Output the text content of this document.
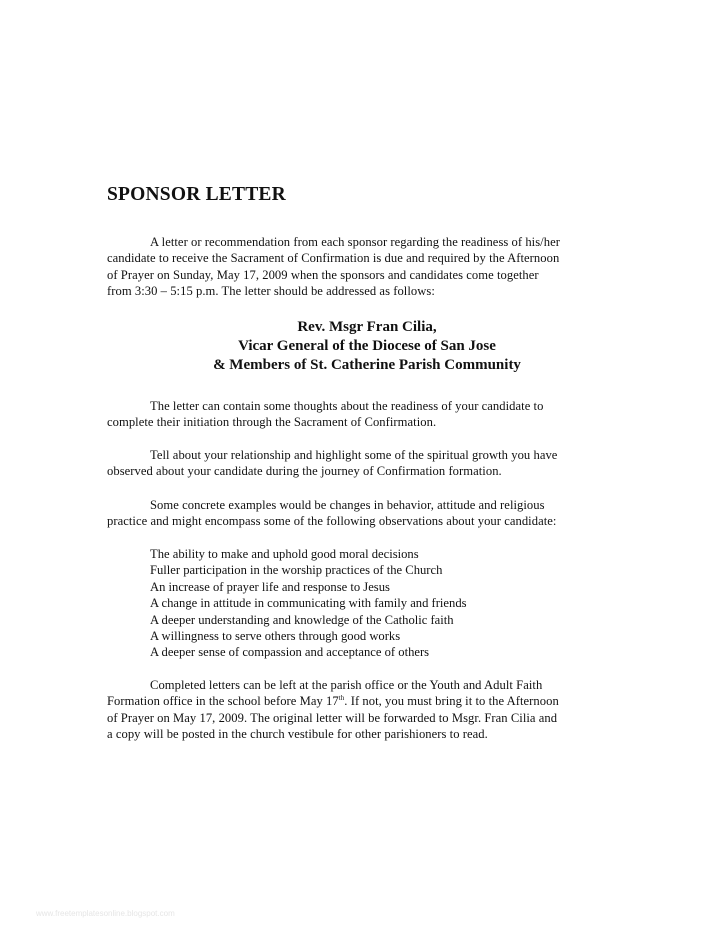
SPONSOR LETTER

A letter or recommendation from each sponsor regarding the readiness of his/her
candidate to receive the Sacrament of Confirmation is due and required by the Afternoon
of Prayer on Sunday, May 17, 2009 when the sponsors and candidates come together
from 3:30 – 5:15 p.m. The letter should be addressed as follows:

Rev. Msgr Fran Cilia,
Vicar General of the Diocese of San Jose
& Members of St. Catherine Parish Community

The letter can contain some thoughts about the readiness of your candidate to
complete their initiation through the Sacrament of Confirmation.

Tell about your relationship and highlight some of the spiritual growth you have
observed about your candidate during the journey of Confirmation formation.

Some concrete examples would be changes in behavior, attitude and religious
practice and might encompass some of the following observations about your candidate:

The ability to make and uphold good moral decisions
Fuller participation in the worship practices of the Church
An increase of prayer life and response to Jesus
A change in attitude in communicating with family and friends
A deeper understanding and knowledge of the Catholic faith
A willingness to serve others through good works
A deeper sense of compassion and acceptance of others

Completed letters can be left at the parish office or the Youth and Adult Faith
Formation office in the school before May 17th. If not, you must bring it to the Afternoon
of Prayer on May 17, 2009. The original letter will be forwarded to Msgr. Fran Cilia and
a copy will be posted in the church vestibule for other parishioners to read.

www.freetemplatesonline.blogspot.com
